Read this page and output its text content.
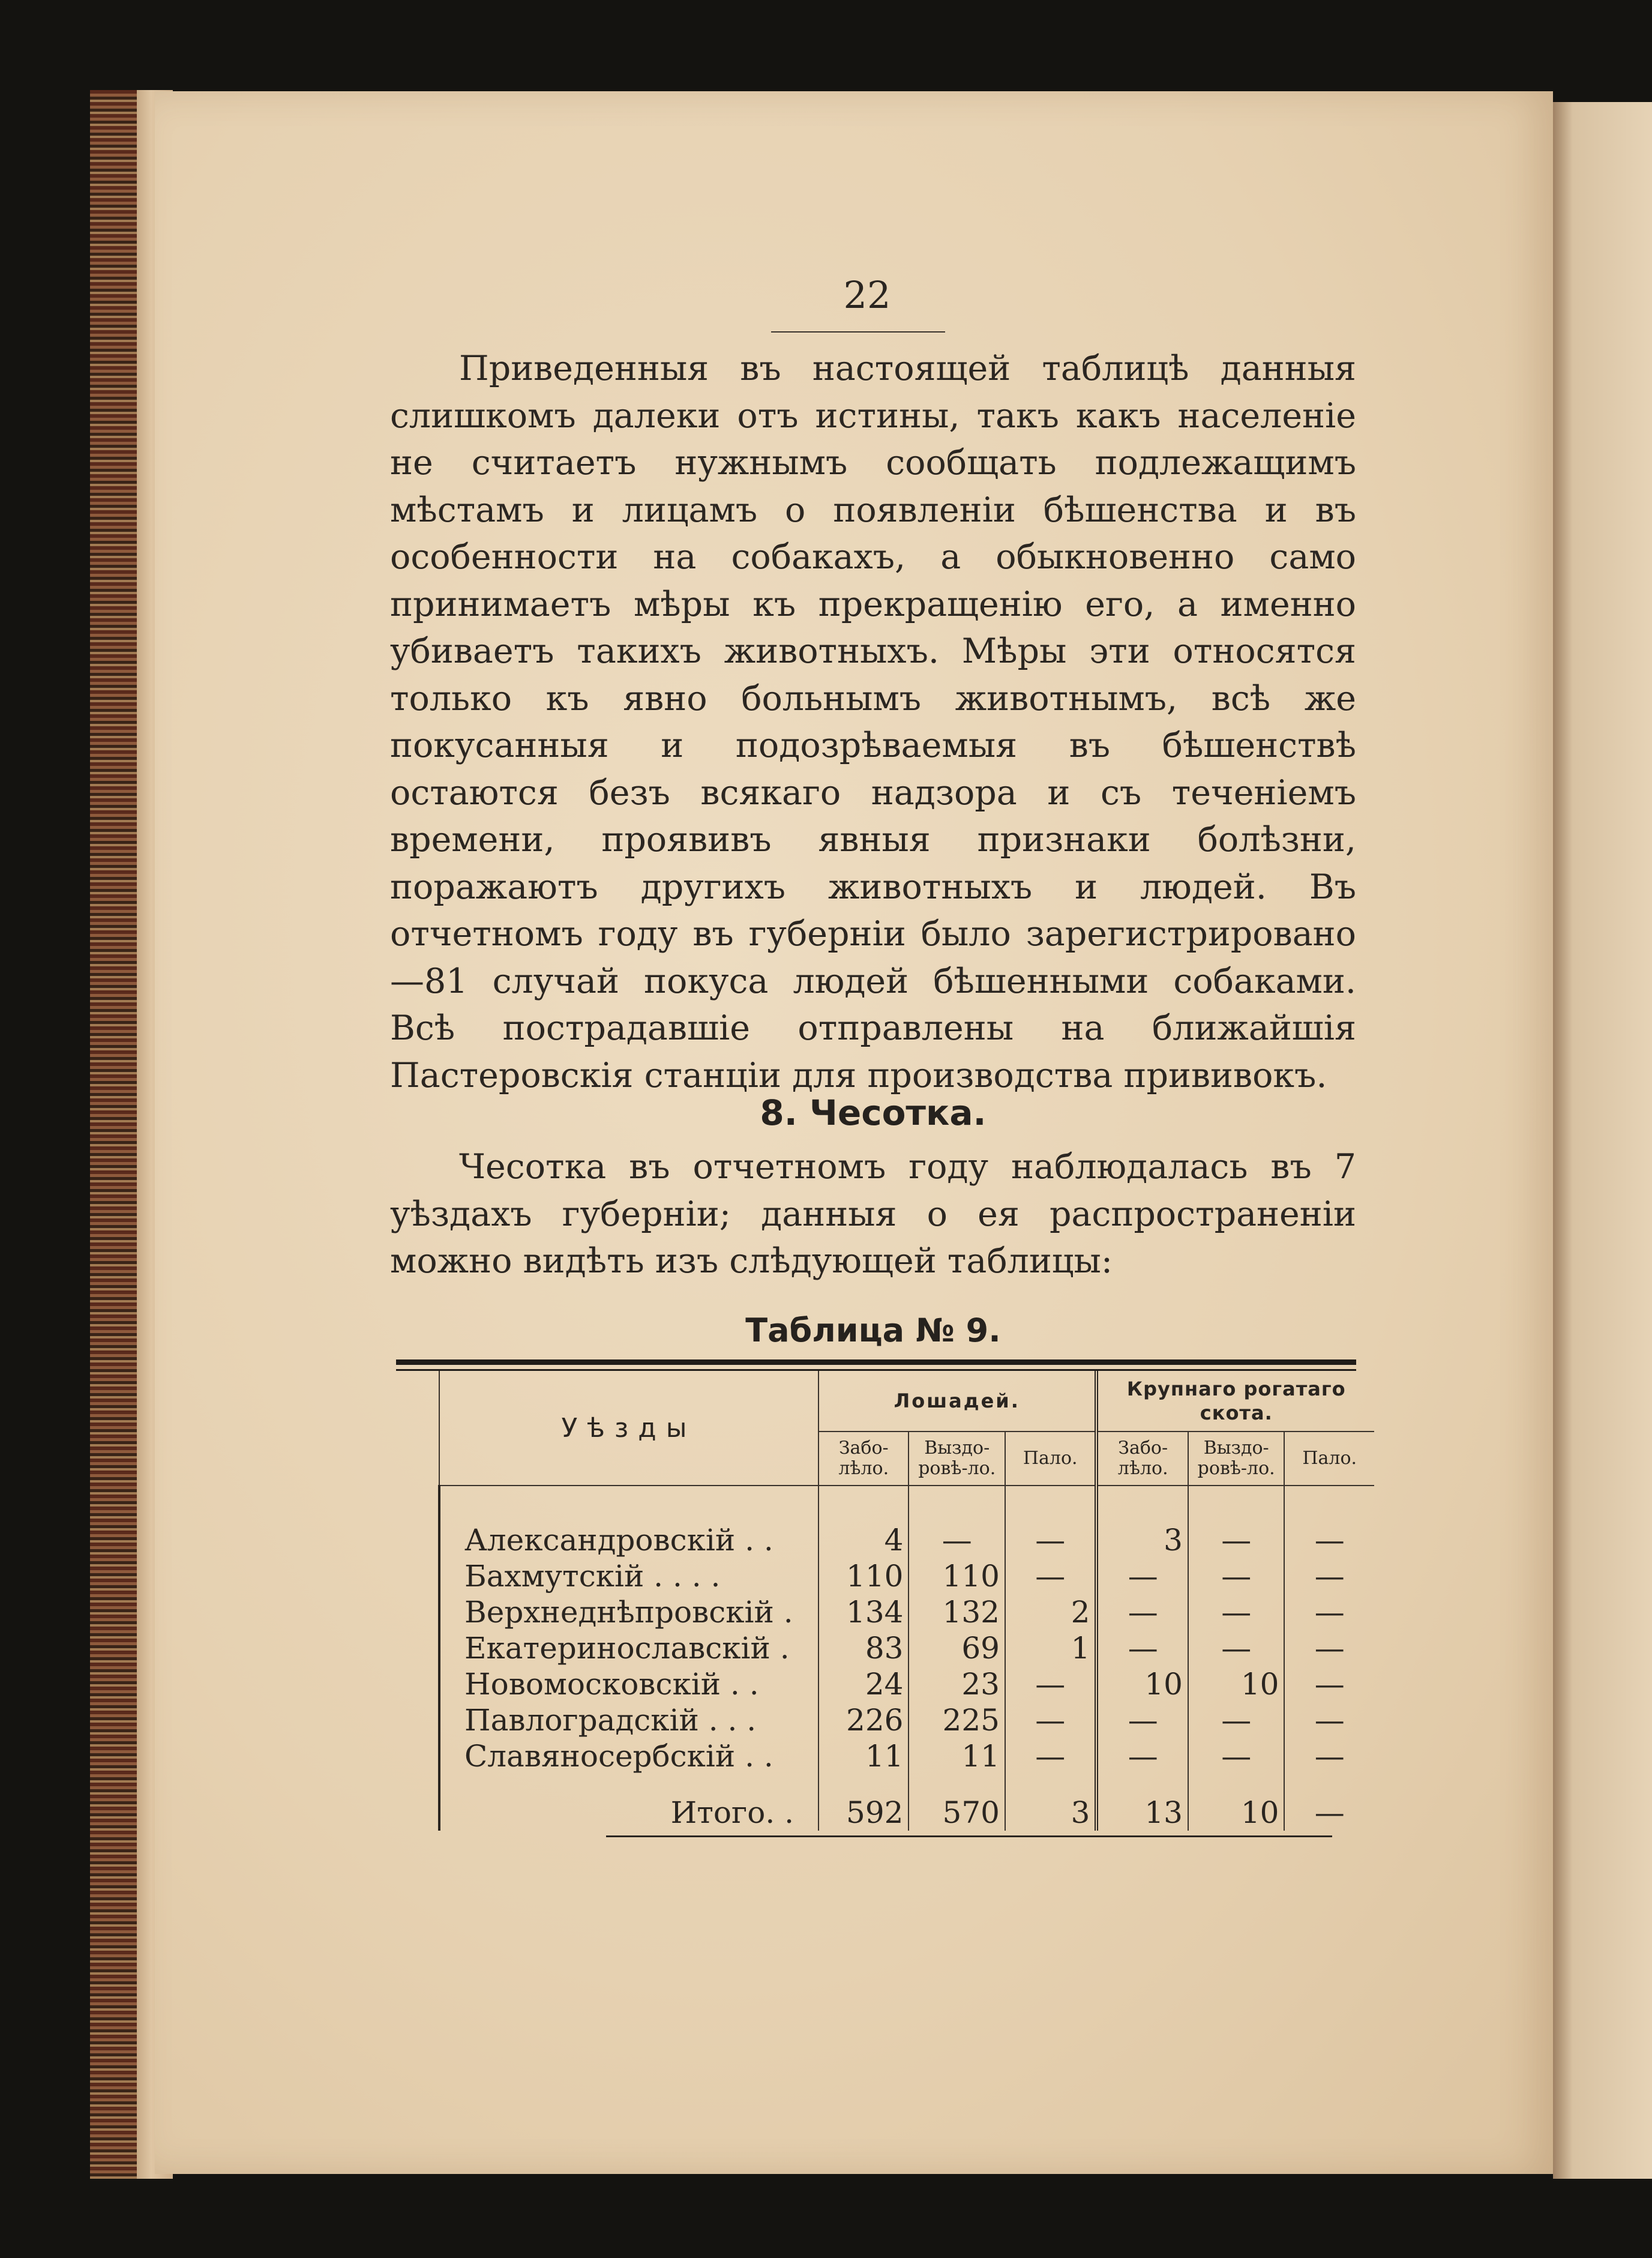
22

Приведенныя въ настоящей таблицѣ данныя слишкомъ далеки отъ истины, такъ какъ населенie не считаетъ нужнымъ сообщать подлежащимъ мѣстамъ и лицамъ о появленiи бѣшенства и въ особенности на собакахъ, а обыкновенно само принимаетъ мѣры къ прекращенiю его, а именно убиваетъ такихъ животныхъ. Мѣры эти относятся только къ явно больнымъ животнымъ, всѣ же покусанныя и подозрѣваемыя въ бѣшенствѣ остаются безъ всякаго надзора и съ теченiемъ времени, проявивъ явныя признаки болѣзни, поражаютъ другихъ животныхъ и людей. Въ отчетномъ году въ губернiи было зарегистрировано—81 случай покуса людей бѣшенными собаками. Всѣ пострадавшiе отправлены на ближайшiя Пастеровскiя станцiи для производства прививокъ.

8. Чесотка.

Чесотка въ отчетномъ году наблюдалась въ 7 уѣздахъ губернiи; данныя о ея распространенiи можно видѣть изъ слѣдующей таблицы:

Таблица № 9.
Уѣзды	Лошадей.			Крупнаго рогатаго скота.		
	Забо-лѣло.	Выздо-ровѣ-ло.	Пало.	Забо-лѣло.	Выздо-ровѣ-ло.	Пало.

Александровскiй . .	4	—	—	3	—	—
Бахмутскiй . . . .	110	110	—	—	—	—
Верхнеднѣпровскiй .	134	132	2	—	—	—
Екатеринославскiй .	83	69	1	—	—	—
Новомосковскiй . .	24	23	—	10	10	—
Павлоградскiй . . .	226	225	—	—	—	—
Славяносербскiй . .	11	11	—	—	—	—
Итого. .	592	570	3	13	10	—
